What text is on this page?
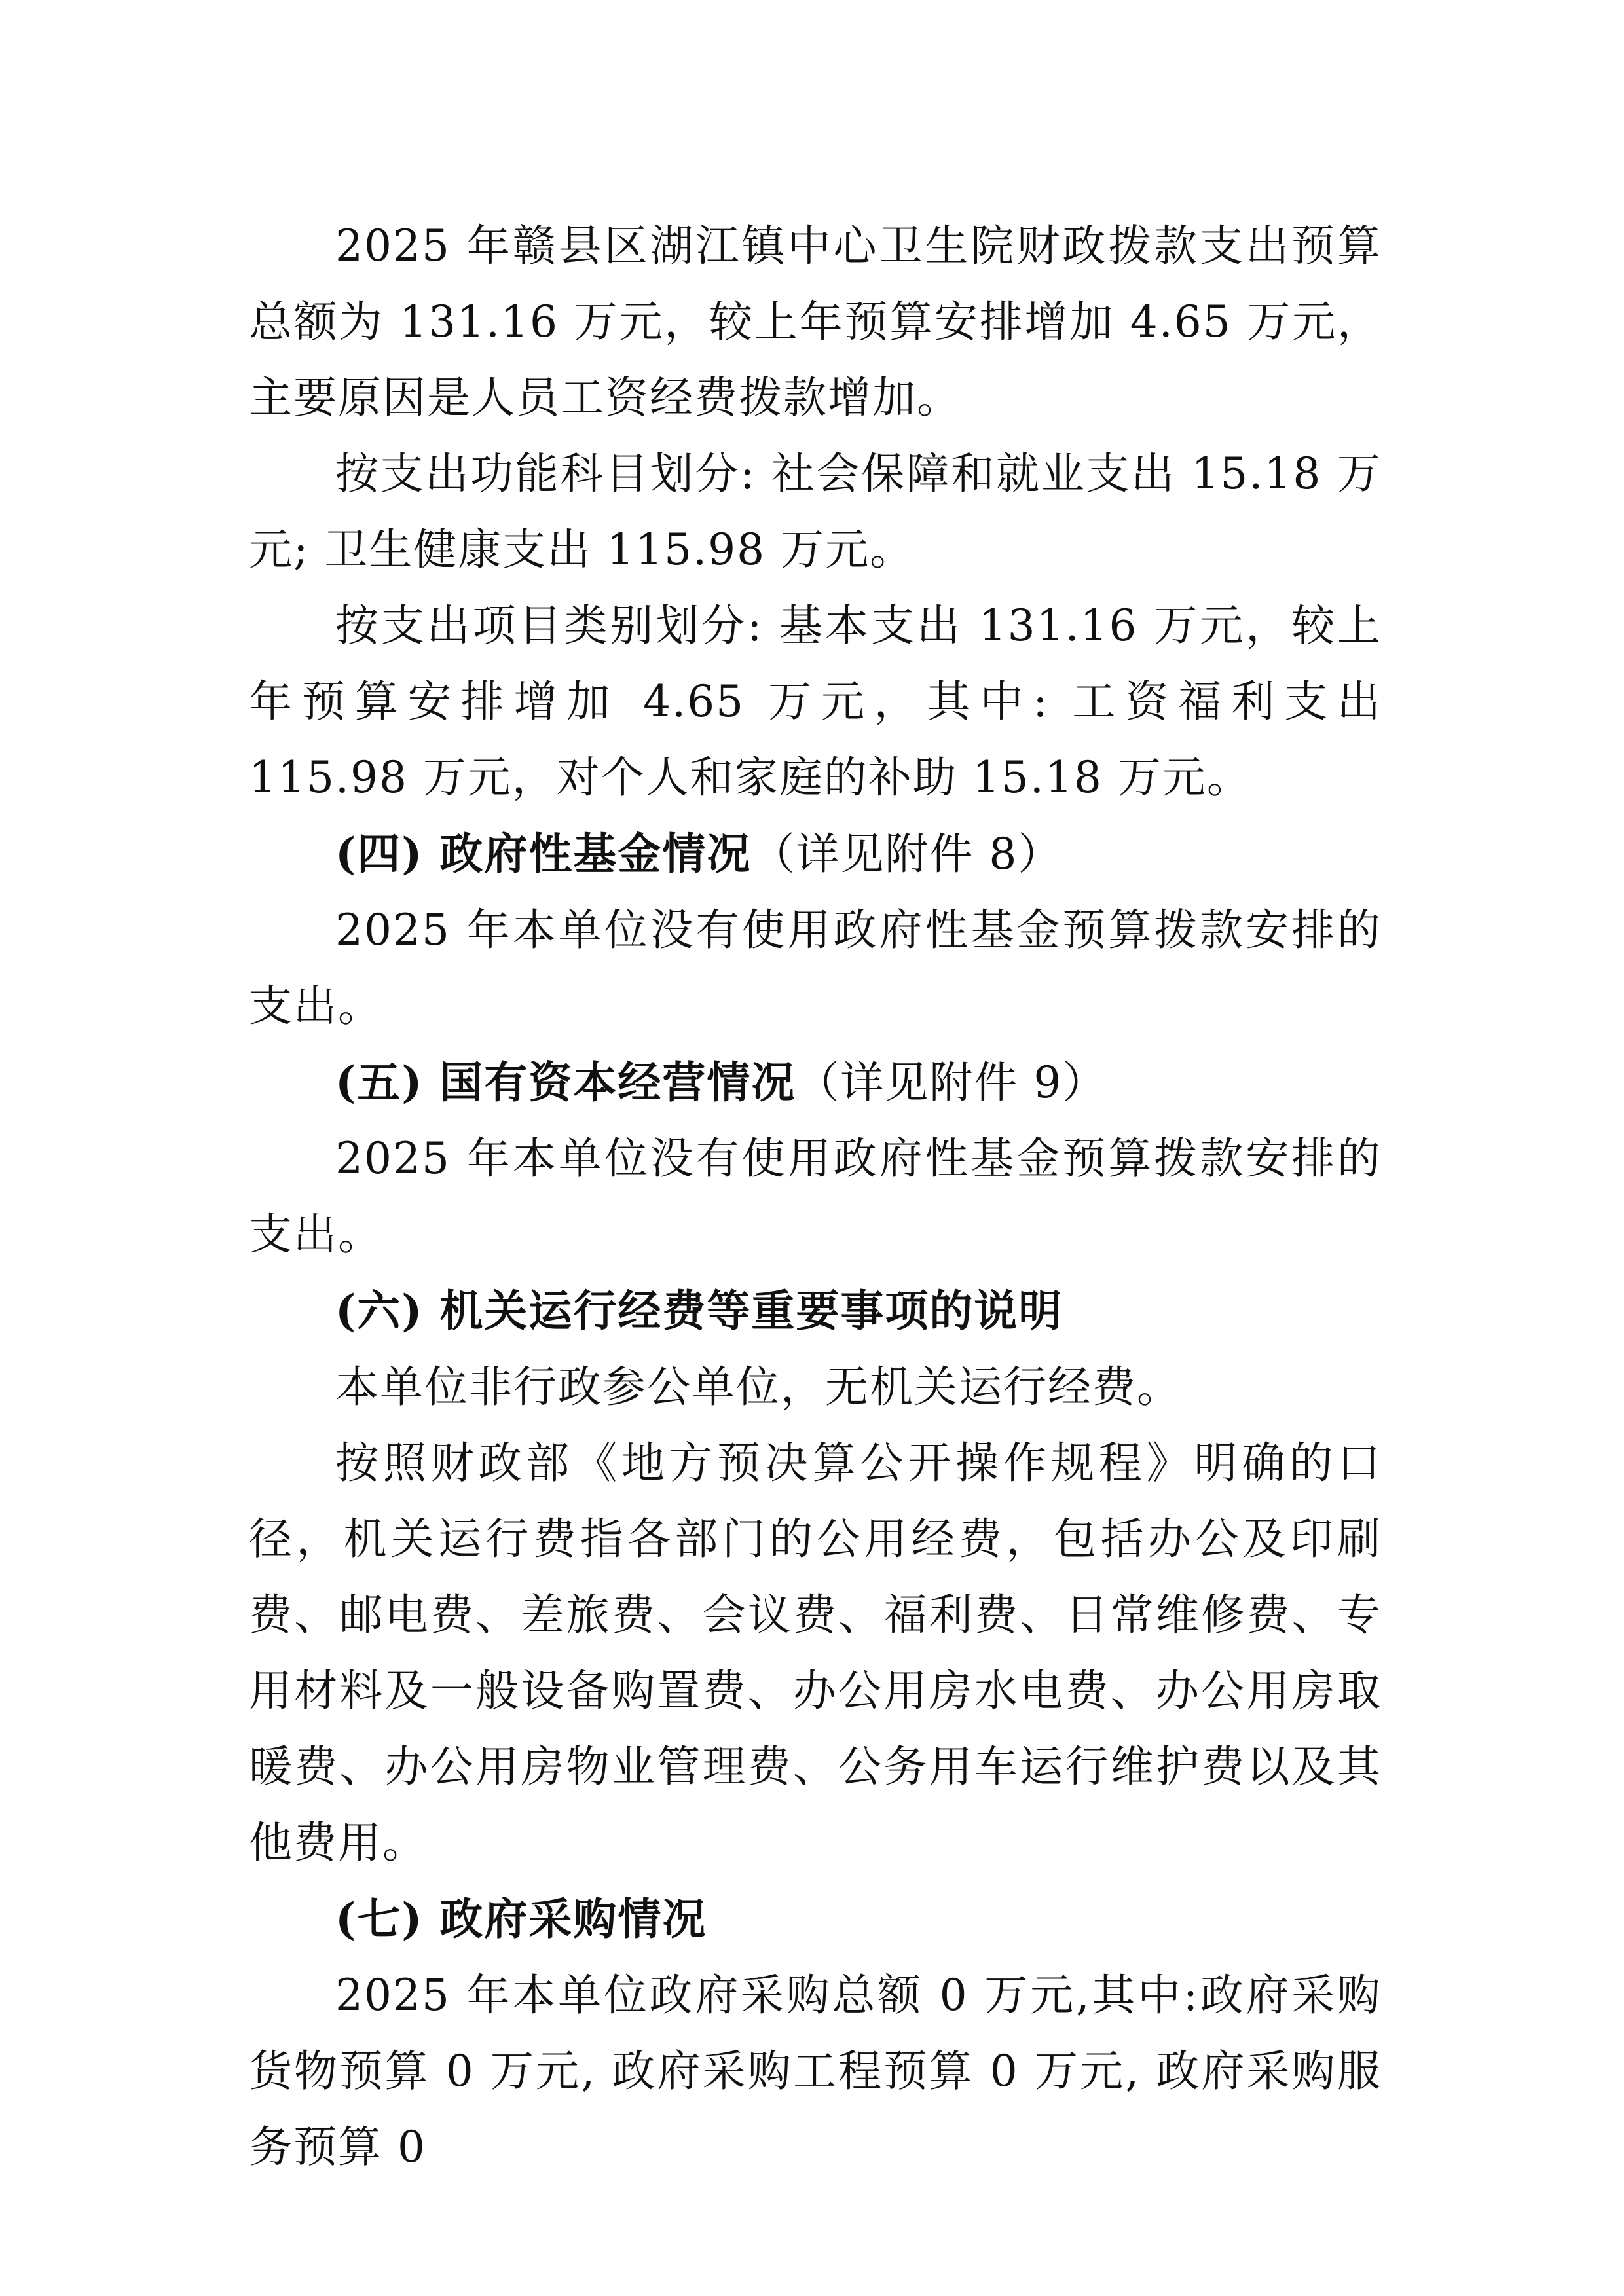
2025 年赣县区湖江镇中心卫生院财政拨款支出预算总额为 131.16 万元，较上年预算安排增加 4.65 万元，主要原因是人员工资经费拨款增加。

按支出功能科目划分: 社会保障和就业支出 15.18 万元; 卫生健康支出 115.98 万元。

按支出项目类别划分: 基本支出 131.16 万元，较上年预算安排增加 4.65 万元，其中: 工资福利支出 115.98 万元，对个人和家庭的补助 15.18 万元。

(四) 政府性基金情况（详见附件 8）

2025 年本单位没有使用政府性基金预算拨款安排的支出。

(五) 国有资本经营情况（详见附件 9）

2025 年本单位没有使用政府性基金预算拨款安排的支出。

(六) 机关运行经费等重要事项的说明

本单位非行政参公单位，无机关运行经费。

按照财政部《地方预决算公开操作规程》明确的口径，机关运行费指各部门的公用经费，包括办公及印刷费、邮电费、差旅费、会议费、福利费、日常维修费、专用材料及一般设备购置费、办公用房水电费、办公用房取暖费、办公用房物业管理费、公务用车运行维护费以及其他费用。

(七) 政府采购情况

2025 年本单位政府采购总额 0 万元,其中:政府采购货物预算 0 万元, 政府采购工程预算 0 万元, 政府采购服务预算 0
